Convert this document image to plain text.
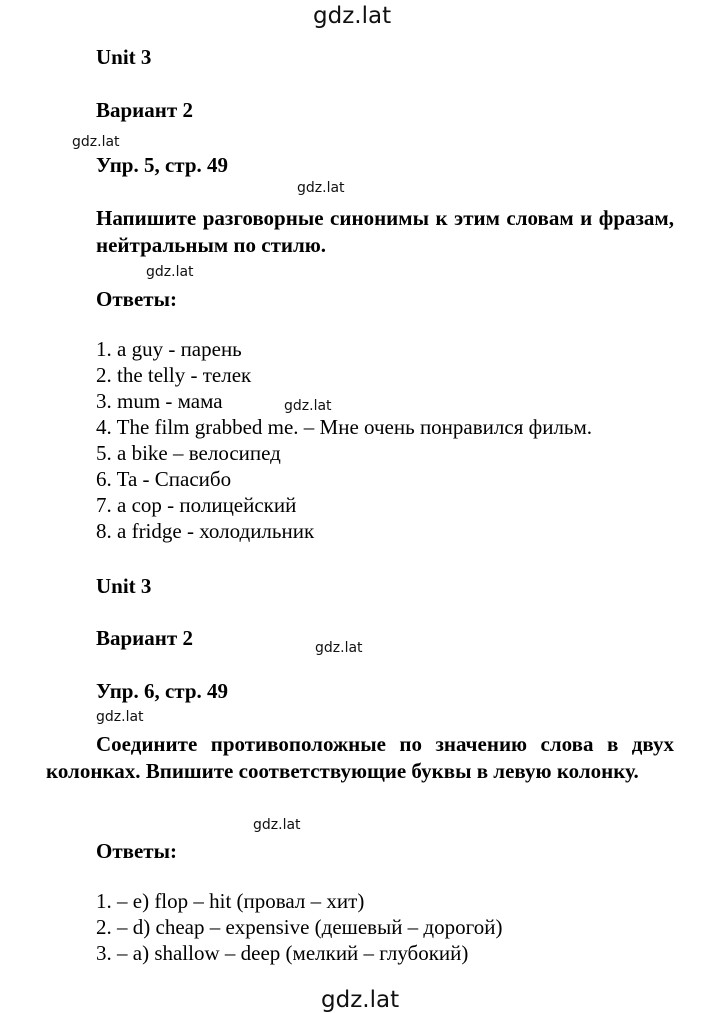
gdz.lat
gdz.lat
gdz.lat
gdz.lat
gdz.lat
gdz.lat
gdz.lat
gdz.lat
gdz.lat
Unit 3
Вариант 2
Упр. 5, стр. 49
Напишите разговорные синонимы к этим словам и фразам, нейтральным по стилю.
Ответы:
1. a guy - парень
2. the telly - телек
3. mum - мама
4. The film grabbed me. – Мне очень понравился фильм.
5. a bike – велосипед
6. Ta - Спасибо
7. a cop - полицейский
8. a fridge - холодильник
Unit 3
Вариант 2
Упр. 6, стр. 49
Соедините противоположные по значению слова в двух колонках. Впишите соответствующие буквы в левую колонку.
Ответы:
1. – e) flop – hit (провал – хит)
2. – d) cheap – expensive (дешевый – дорогой)
3. – a) shallow – deep (мелкий – глубокий)
